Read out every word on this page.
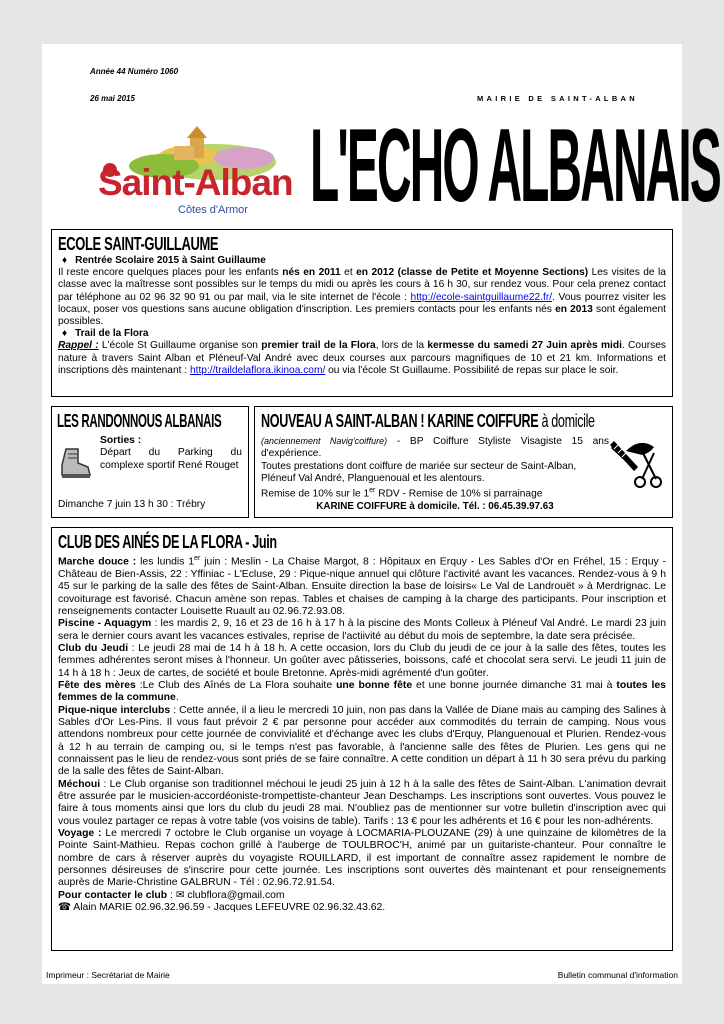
Année 44 Numéro 1060
26 mai 2015	MAIRIE DE SAINT-ALBAN
Saint-Alban
Côtes d'Armor L'ECHO ALBANAIS
ECOLE SAINT-GUILLAUME
♦ Rentrée Scolaire 2015 à Saint Guillaume

Il reste encore quelques places pour les enfants nés en 2011 et en 2012 (classe de Petite et Moyenne Sections) Les visites de la classe avec la maîtresse sont possibles sur le temps du midi ou après les cours à 16 h 30, sur rendez vous. Pour cela prenez contact par téléphone au 02 96 32 90 91 ou par mail, via le site internet de l'école : http://ecole-saintguillaume22.fr/. Vous pourrez visiter les locaux, poser vos questions sans aucune obligation d'inscription. Les premiers contacts pour les enfants nés en 2013 sont également possibles.

♦ Trail de la Flora

Rappel : L'école St Guillaume organise son premier trail de la Flora, lors de la kermesse du samedi 27 Juin après midi. Courses nature à travers Saint Alban et Pléneuf-Val André avec deux courses aux parcours magnifiques de 10 et 21 km. Informations et inscriptions dès maintenant : http://traildelaflora.ikinoa.com/ ou via l'école St Guillaume. Possibilité de repas sur place le soir.

LES RANDONNOUS ALBANAIS
Sorties :

Départ du Parking du complexe sportif René Rouget

Dimanche 7 juin 13 h 30 : Trébry
NOUVEAU A SAINT-ALBAN ! KARINE COIFFURE à domicile

(anciennement Navig'coiffure) - BP Coiffure Styliste Visagiste 15 ans d'expérience.

Toutes prestations dont coiffure de mariée sur secteur de Saint-Alban, Pléneuf Val André, Planguenoual et les alentours.

Remise de 10% sur le 1er RDV - Remise de 10% si parrainage

KARINE COIFFURE à domicile. Tél. : 06.45.39.97.63

CLUB DES AINÉS DE LA FLORA - Juin

Marche douce : les lundis 1er juin : Meslin - La Chaise Margot, 8 : Hôpitaux en Erquy - Les Sables d'Or en Fréhel, 15 : Erquy - Château de Bien-Assis, 22 : Yffiniac - L'Ecluse, 29 : Pique-nique annuel qui clôture l'activité avant les vacances. Rendez-vous à 9 h 45 sur le parking de la salle des fêtes de Saint-Alban. Ensuite direction la base de loisirs« Le Val de Landrouët » à Merdrignac. Le covoiturage est favorisé. Chacun amène son repas. Tables et chaises de camping à la charge des participants. Pour inscription et renseignements contacter Louisette Ruault au 02.96.72.93.08.

Piscine - Aquagym : les mardis 2, 9, 16 et 23 de 16 h à 17 h à la piscine des Monts Colleux à Pléneuf Val André. Le mardi 23 juin sera le dernier cours avant les vacances estivales, reprise de l'actiivité au début du mois de septembre, la date sera précisée.

Club du Jeudi : Le jeudi 28 mai de 14 h à 18 h. A cette occasion, lors du Club du jeudi de ce jour à la salle des fêtes, toutes les femmes adhérentes seront mises à l'honneur. Un goûter avec pâtisseries, boissons, café et chocolat sera servi. Le jeudi 11 juin de 14 h à 18 h : Jeux de cartes, de société et boule Bretonne. Après-midi agrémenté d'un goûter.

Fête des mères :Le Club des Aînés de La Flora souhaite une bonne fête et une bonne journée dimanche 31 mai à toutes les femmes de la commune.

Pique-nique interclubs : Cette année, il a lieu le mercredi 10 juin, non pas dans la Vallée de Diane mais au camping des Salines à Sables d'Or Les-Pins. Il vous faut prévoir 2 € par personne pour accéder aux commodités du terrain de camping. Nous vous attendons nombreux pour cette journée de convivialité et d'échange avec les clubs d'Erquy, Planguenoual et Plurien. Rendez-vous à 12 h au terrain de camping ou, si le temps n'est pas favorable, à l'ancienne salle des fêtes de Plurien. Les gens qui ne connaissent pas le lieu de rendez-vous sont priés de se faire connaître. A cette condition un départ à 11 h 30 sera prévu du parking de la salle des fêtes de Saint-Alban.

Méchoui : Le Club organise son traditionnel méchoui le jeudi 25 juin à 12 h à la salle des fêtes de Saint-Alban. L'animation devrait être assurée par le musicien-accordéoniste-trompettiste-chanteur Jean Deschamps. Les inscriptions sont ouvertes. Vous pouvez le faire à tous moments ainsi que lors du club du jeudi 28 mai. N'oubliez pas de mentionner sur votre bulletin d'inscription avec qui vous voulez partager ce repas à votre table (vos voisins de table). Tarifs : 13 € pour les adhérents et 16 € pour les non-adhérents.

Voyage : Le mercredi 7 octobre le Club organise un voyage à LOCMARIA-PLOUZANE (29) à une quinzaine de kilomètres de la Pointe Saint-Mathieu. Repas cochon grillé à l'auberge de TOULBROC'H, animé par un guitariste-chanteur. Pour connaître le nombre de cars à réserver auprès du voyagiste ROUILLARD, il est important de connaître assez rapidement le nombre de personnes désireuses de s'inscrire pour cette journée. Les inscriptions sont ouvertes dès maintenant et pour renseignements auprès de Marie-Christine GALBRUN - Tél : 02.96.72.91.54.

Pour contacter le club : ✉ clubflora@gmail.com

☎ Alain MARIE 02.96.32.96.59 - Jacques LEFEUVRE 02.96.32.43.62.

Imprimeur : Secrétariat de Mairie	Bulletin communal d'information
